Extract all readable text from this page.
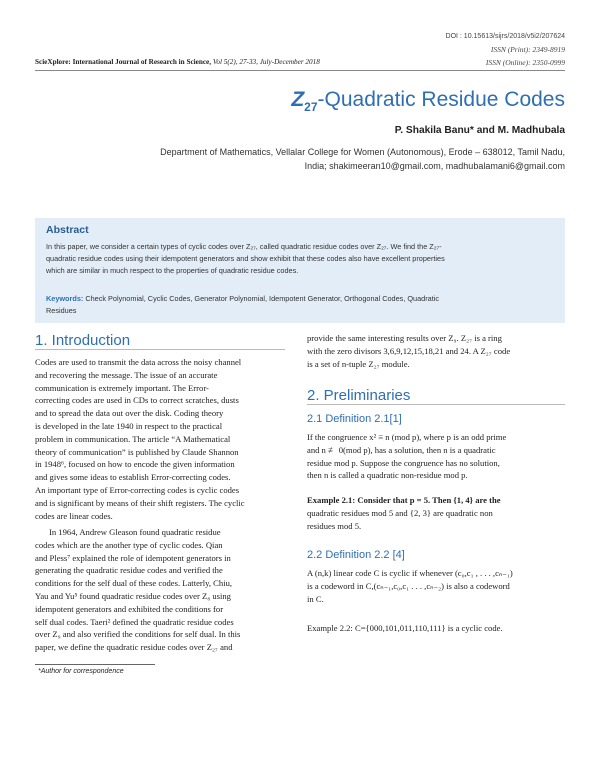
DOI : 10.15613/sijrs/2018/v5i2/207624
ISSN (Print): 2349-8919
ISSN (Online): 2350-0999
SciеXplore: International Journal of Research in Science, Vol 5(2), 27-33, July-December 2018
$Z_{27}$-Quadratic Residue Codes
P. Shakila Banu* and M. Madhubala
Department of Mathematics, Vellalar College for Women (Autonomous), Erode – 638012, Tamil Nadu,
India; shakimeeran10@gmail.com, madhubalamani6@gmail.com
Abstract
In this paper, we consider a certain types of cyclic codes over Z₂₇, called quadratic residue codes over Z₂₇. We find the Z₂₇-
quadratic residue codes using their idempotent generators and show exhibit that these codes also have excellent properties
which are similar in much respect to the properties of quadratic residue codes.
Keywords: Check Polynomial, Cyclic Codes, Generator Polynomial, Idempotent Generator, Orthogonal Codes, Quadratic
Residues
1. Introduction
Codes are used to transmit the data across the noisy channel
and recovering the message. The issue of an accurate
communication is extremely important. The Error-
correcting codes are used in CDs to correct scratches, dusts
and to spread the data out over the disk. Coding theory
is developed in the late 1940 in respect to the practical
problem in communication. The article “A Mathematical
theory of communication” is published by Claude Shannon
in 1948⁶, focused on how to encode the given information
and gives some ideas to establish Error-correcting codes.
An important type of Error-correcting codes is cyclic codes
and is significant by means of their shift registers. The cyclic
codes are linear codes.
In 1964, Andrew Gleason found quadratic residue
codes which are the another type of cyclic codes. Qian
and Pless⁷ explained the role of idempotent generators in
generating the quadratic residue codes and verified the
conditions for the self dual of these codes. Latterly, Chiu,
Yau and Yu⁵ found quadratic residue codes over Z₈ using
idempotent generators and exhibited the conditions for
self dual codes. Taeri² defined the quadratic residue codes
over Z₉ and also verified the conditions for self dual. In this
paper, we define the quadratic residue codes over Z₂₇ and
provide the same interesting results over Z₉. Z₂₇ is a ring
with the zero divisors 3,6,9,12,15,18,21 and 24. A Z₂₇ code
is a set of n-tuple Z₂₇ module.
2. Preliminaries
2.1 Definition 2.1[1]
If the congruence x² ≡ n (mod p), where p is an odd prime
and n ≢ 0(mod p), has a solution, then n is a quadratic
residue mod p. Suppose the congruence has no solution,
then n is called a quadratic non-residue mod p.
Example 2.1: Consider that p = 5. Then {1, 4} are the
quadratic residues mod 5 and {2, 3} are quadratic non
residues mod 5.
2.2 Definition 2.2 [4]
A (n,k) linear code C is cyclic if whenever (c₀,c₁ , . . . ,cₙ₋₁)
is a codeword in C,(cₙ₋₁,c₀,c₁ . . . ,cₙ₋₂) is also a codeword
in C.
Example 2.2: C={000,101,011,110,111} is a cyclic code.
*Author for correspondence
